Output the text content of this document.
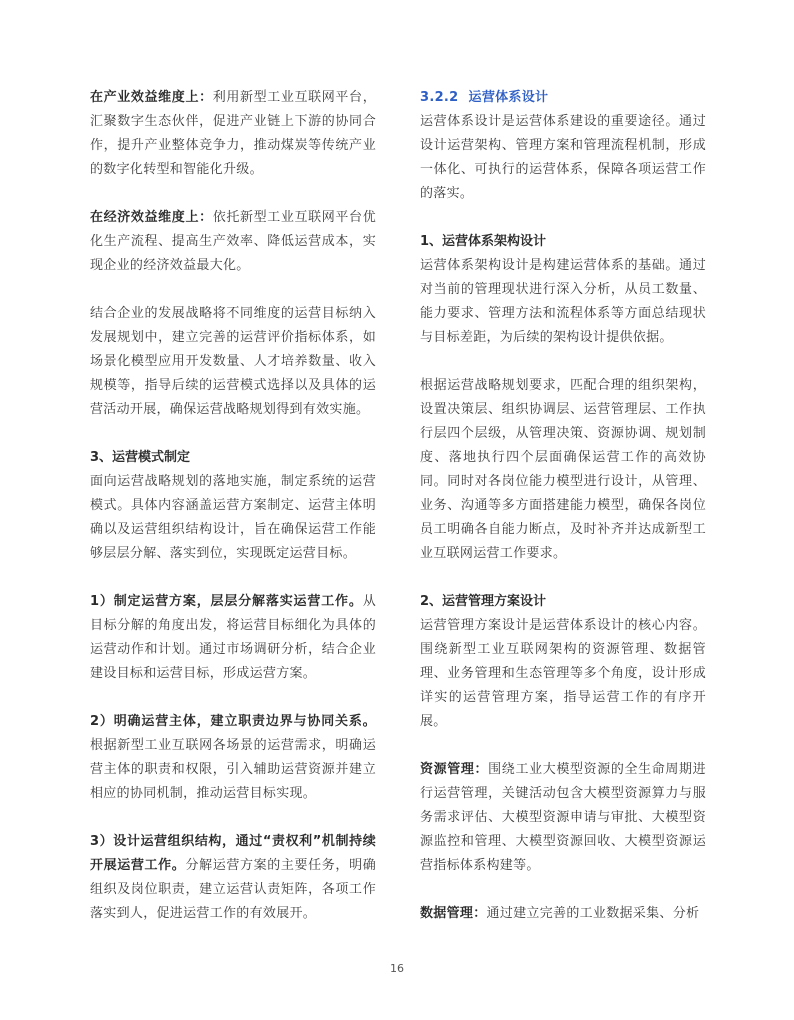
在产业效益维度上：利用新型工业互联网平台，汇聚数字生态伙伴，促进产业链上下游的协同合作，提升产业整体竞争力，推动煤炭等传统产业的数字化转型和智能化升级。

在经济效益维度上：依托新型工业互联网平台优化生产流程、提高生产效率、降低运营成本，实现企业的经济效益最大化。

结合企业的发展战略将不同维度的运营目标纳入发展规划中，建立完善的运营评价指标体系，如场景化模型应用开发数量、人才培养数量、收入规模等，指导后续的运营模式选择以及具体的运营活动开展，确保运营战略规划得到有效实施。

3、运营模式制定

面向运营战略规划的落地实施，制定系统的运营模式。具体内容涵盖运营方案制定、运营主体明确以及运营组织结构设计，旨在确保运营工作能够层层分解、落实到位，实现既定运营目标。

1）制定运营方案，层层分解落实运营工作。从目标分解的角度出发，将运营目标细化为具体的运营动作和计划。通过市场调研分析，结合企业建设目标和运营目标，形成运营方案。

2）明确运营主体，建立职责边界与协同关系。根据新型工业互联网各场景的运营需求，明确运营主体的职责和权限，引入辅助运营资源并建立相应的协同机制，推动运营目标实现。

3）设计运营组织结构，通过“责权利”机制持续开展运营工作。分解运营方案的主要任务，明确组织及岗位职责，建立运营认责矩阵，各项工作落实到人，促进运营工作的有效展开。

3.2.2 运营体系设计

运营体系设计是运营体系建设的重要途径。通过设计运营架构、管理方案和管理流程机制，形成一体化、可执行的运营体系，保障各项运营工作的落实。

1、运营体系架构设计

运营体系架构设计是构建运营体系的基础。通过对当前的管理现状进行深入分析，从员工数量、能力要求、管理方法和流程体系等方面总结现状与目标差距，为后续的架构设计提供依据。

根据运营战略规划要求，匹配合理的组织架构，设置决策层、组织协调层、运营管理层、工作执行层四个层级，从管理决策、资源协调、规划制度、落地执行四个层面确保运营工作的高效协同。同时对各岗位能力模型进行设计，从管理、业务、沟通等多方面搭建能力模型，确保各岗位员工明确各自能力断点，及时补齐并达成新型工业互联网运营工作要求。

2、运营管理方案设计

运营管理方案设计是运营体系设计的核心内容。围绕新型工业互联网架构的资源管理、数据管理、业务管理和生态管理等多个角度，设计形成详实的运营管理方案，指导运营工作的有序开展。

资源管理：围绕工业大模型资源的全生命周期进行运营管理，关键活动包含大模型资源算力与服务需求评估、大模型资源申请与审批、大模型资源监控和管理、大模型资源回收、大模型资源运营指标体系构建等。

数据管理：通过建立完善的工业数据采集、分析

16
